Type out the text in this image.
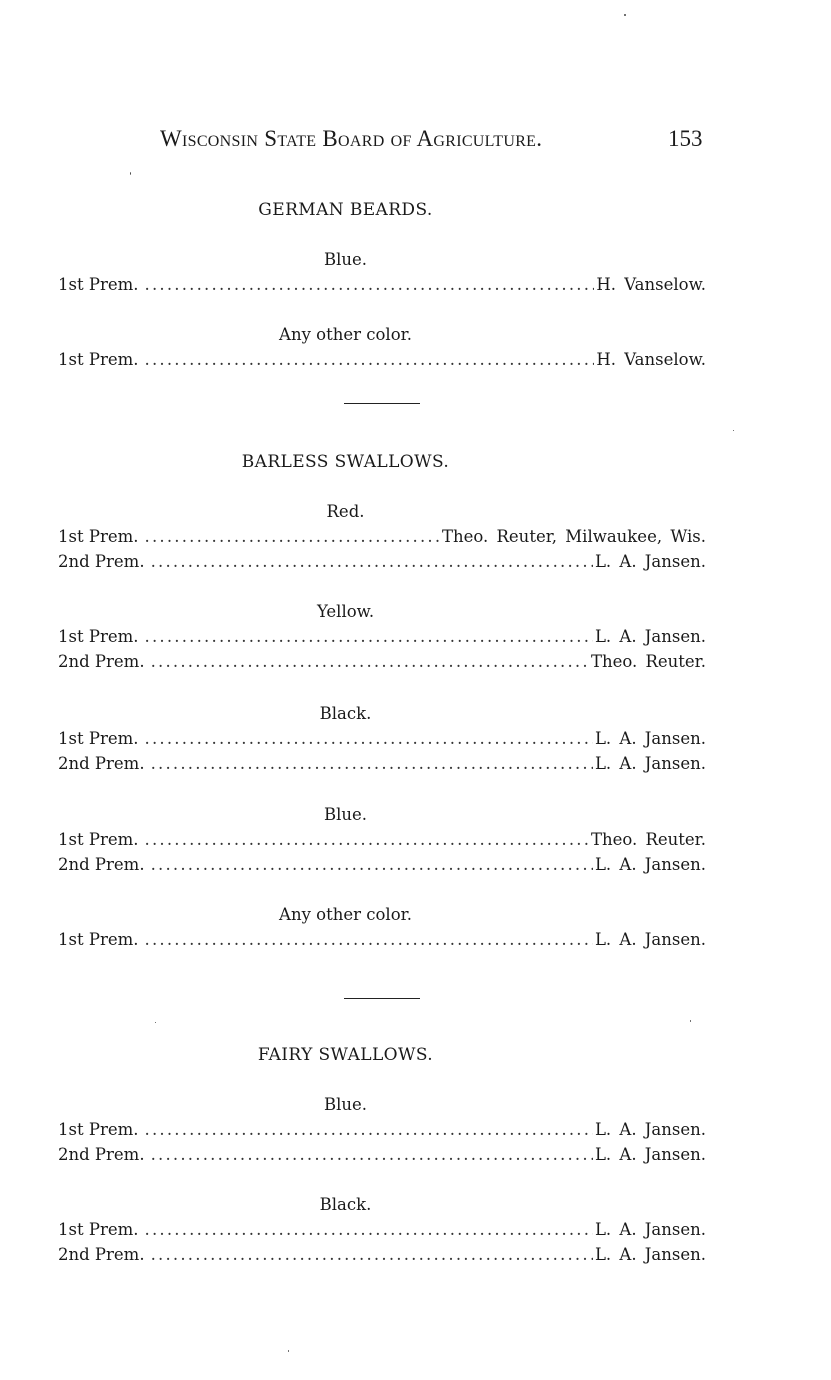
Wisconsin State Board of Agriculture.	153
GERMAN BEARDS.
Blue.
1st Prem. .....	H. Vanselow.
Any other color.
1st Prem. .....	H. Vanselow.
BARLESS SWALLOWS.
Red.
1st Prem. .....	Theo. Reuter, Milwaukee, Wis.
2nd Prem. .....	L. A. Jansen.
Yellow.
1st Prem. .....	L. A. Jansen.
2nd Prem. .....	Theo. Reuter.
Black.
1st Prem. .....	L. A. Jansen.
2nd Prem. .....	L. A. Jansen.
Blue.
1st Prem. .....	Theo. Reuter.
2nd Prem. .....	L. A. Jansen.
Any other color.
1st Prem. .....	L. A. Jansen.
FAIRY SWALLOWS.
Blue.
1st Prem. .....	L. A. Jansen.
2nd Prem. .....	L. A. Jansen.
Black.
1st Prem. .....	L. A. Jansen.
2nd Prem. .....	L. A. Jansen.
